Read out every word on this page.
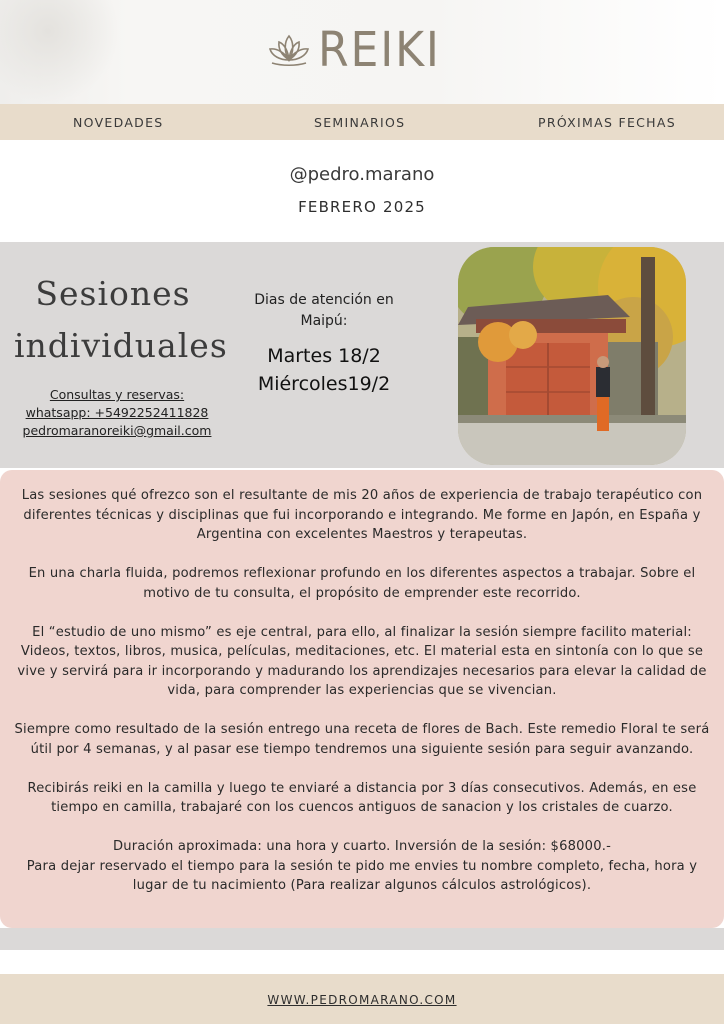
REIKI
NOVEDADES	SEMINARIOS	PRÓXIMAS FECHAS
@pedro.marano
FEBRERO 2025
Sesiones
individuales
Consultas y reservas:
whatsapp: +5492252411828
pedromaranoreiki@gmail.com
Dias de atención en
Maipú:
Martes 18/2
Miércoles19/2

Las sesiones qué ofrezco son el resultante de mis 20 años de experiencia de trabajo terapéutico con diferentes técnicas y disciplinas que fui incorporando e integrando. Me forme en Japón, en España y Argentina con excelentes Maestros y terapeutas.

En una charla fluida, podremos reflexionar profundo en los diferentes aspectos a trabajar. Sobre el motivo de tu consulta, el propósito de emprender este recorrido.

El “estudio de uno mismo” es eje central, para ello, al finalizar la sesión siempre facilito material: Videos, textos, libros, musica, películas, meditaciones, etc. El material esta en sintonía con lo que se vive y servirá para ir incorporando y madurando los aprendizajes necesarios para elevar la calidad de vida, para comprender las experiencias que se vivencian.

Siempre como resultado de la sesión entrego una receta de flores de Bach. Este remedio Floral te será útil por 4 semanas, y al pasar ese tiempo tendremos una siguiente sesión para seguir avanzando.

Recibirás reiki en la camilla y luego te enviaré a distancia por 3 días consecutivos. Además, en ese tiempo en camilla, trabajaré con los cuencos antiguos de sanacion y los cristales de cuarzo.

Duración aproximada: una hora y cuarto. Inversión de la sesión: $68000.-
Para dejar reservado el tiempo para la sesión te pido me envies tu nombre completo, fecha, hora y lugar de tu nacimiento (Para realizar algunos cálculos astrológicos).
WWW.PEDROMARANO.COM
